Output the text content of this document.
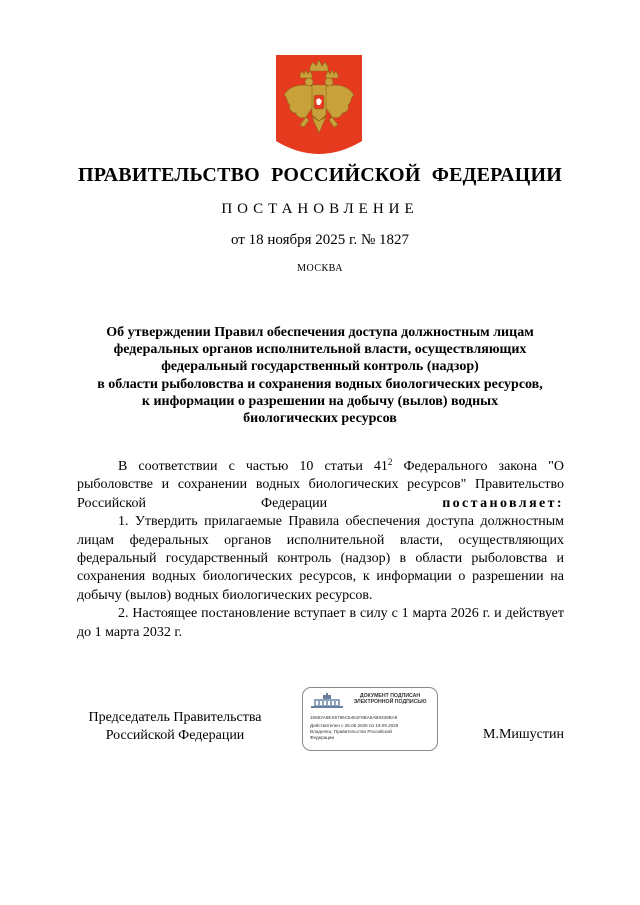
ПРАВИТЕЛЬСТВО РОССИЙСКОЙ ФЕДЕРАЦИИ
ПОСТАНОВЛЕНИЕ
от 18 ноября 2025 г. № 1827
МОСКВА
Об утверждении Правил обеспечения доступа должностным лицам
федеральных органов исполнительной власти, осуществляющих
федеральный государственный контроль (надзор)
в области рыболовства и сохранения водных биологических ресурсов,
к информации о разрешении на добычу (вылов) водных
биологических ресурсов

В соответствии с частью 10 статьи $41^2$ Федерального закона "О рыболовстве и сохранении водных биологических ресурсов" Правительство Российской Федерации постановляет:

1. Утвердить прилагаемые Правила обеспечения доступа должностным лицам федеральных органов исполнительной власти, осуществляющих федеральный государственный контроль (надзор) в области рыболовства и сохранения водных биологических ресурсов, к информации о разрешении на добычу (вылов) водных биологических ресурсов.

2. Настоящее постановление вступает в силу с 1 марта 2026 г. и действует до 1 марта 2032 г.

Председатель Правительства
Российской Федерации	М.Мишустин
ДОКУМЕНТ ПОДПИСАН
ЭЛЕКТРОННОЙ ПОДПИСЬЮ
16662A8EX6795C5451F8BA5AB8338BA9
Действителен с 26.06.2025 по 19.09.2026
Владелец: Правительство Российской
Федерации
